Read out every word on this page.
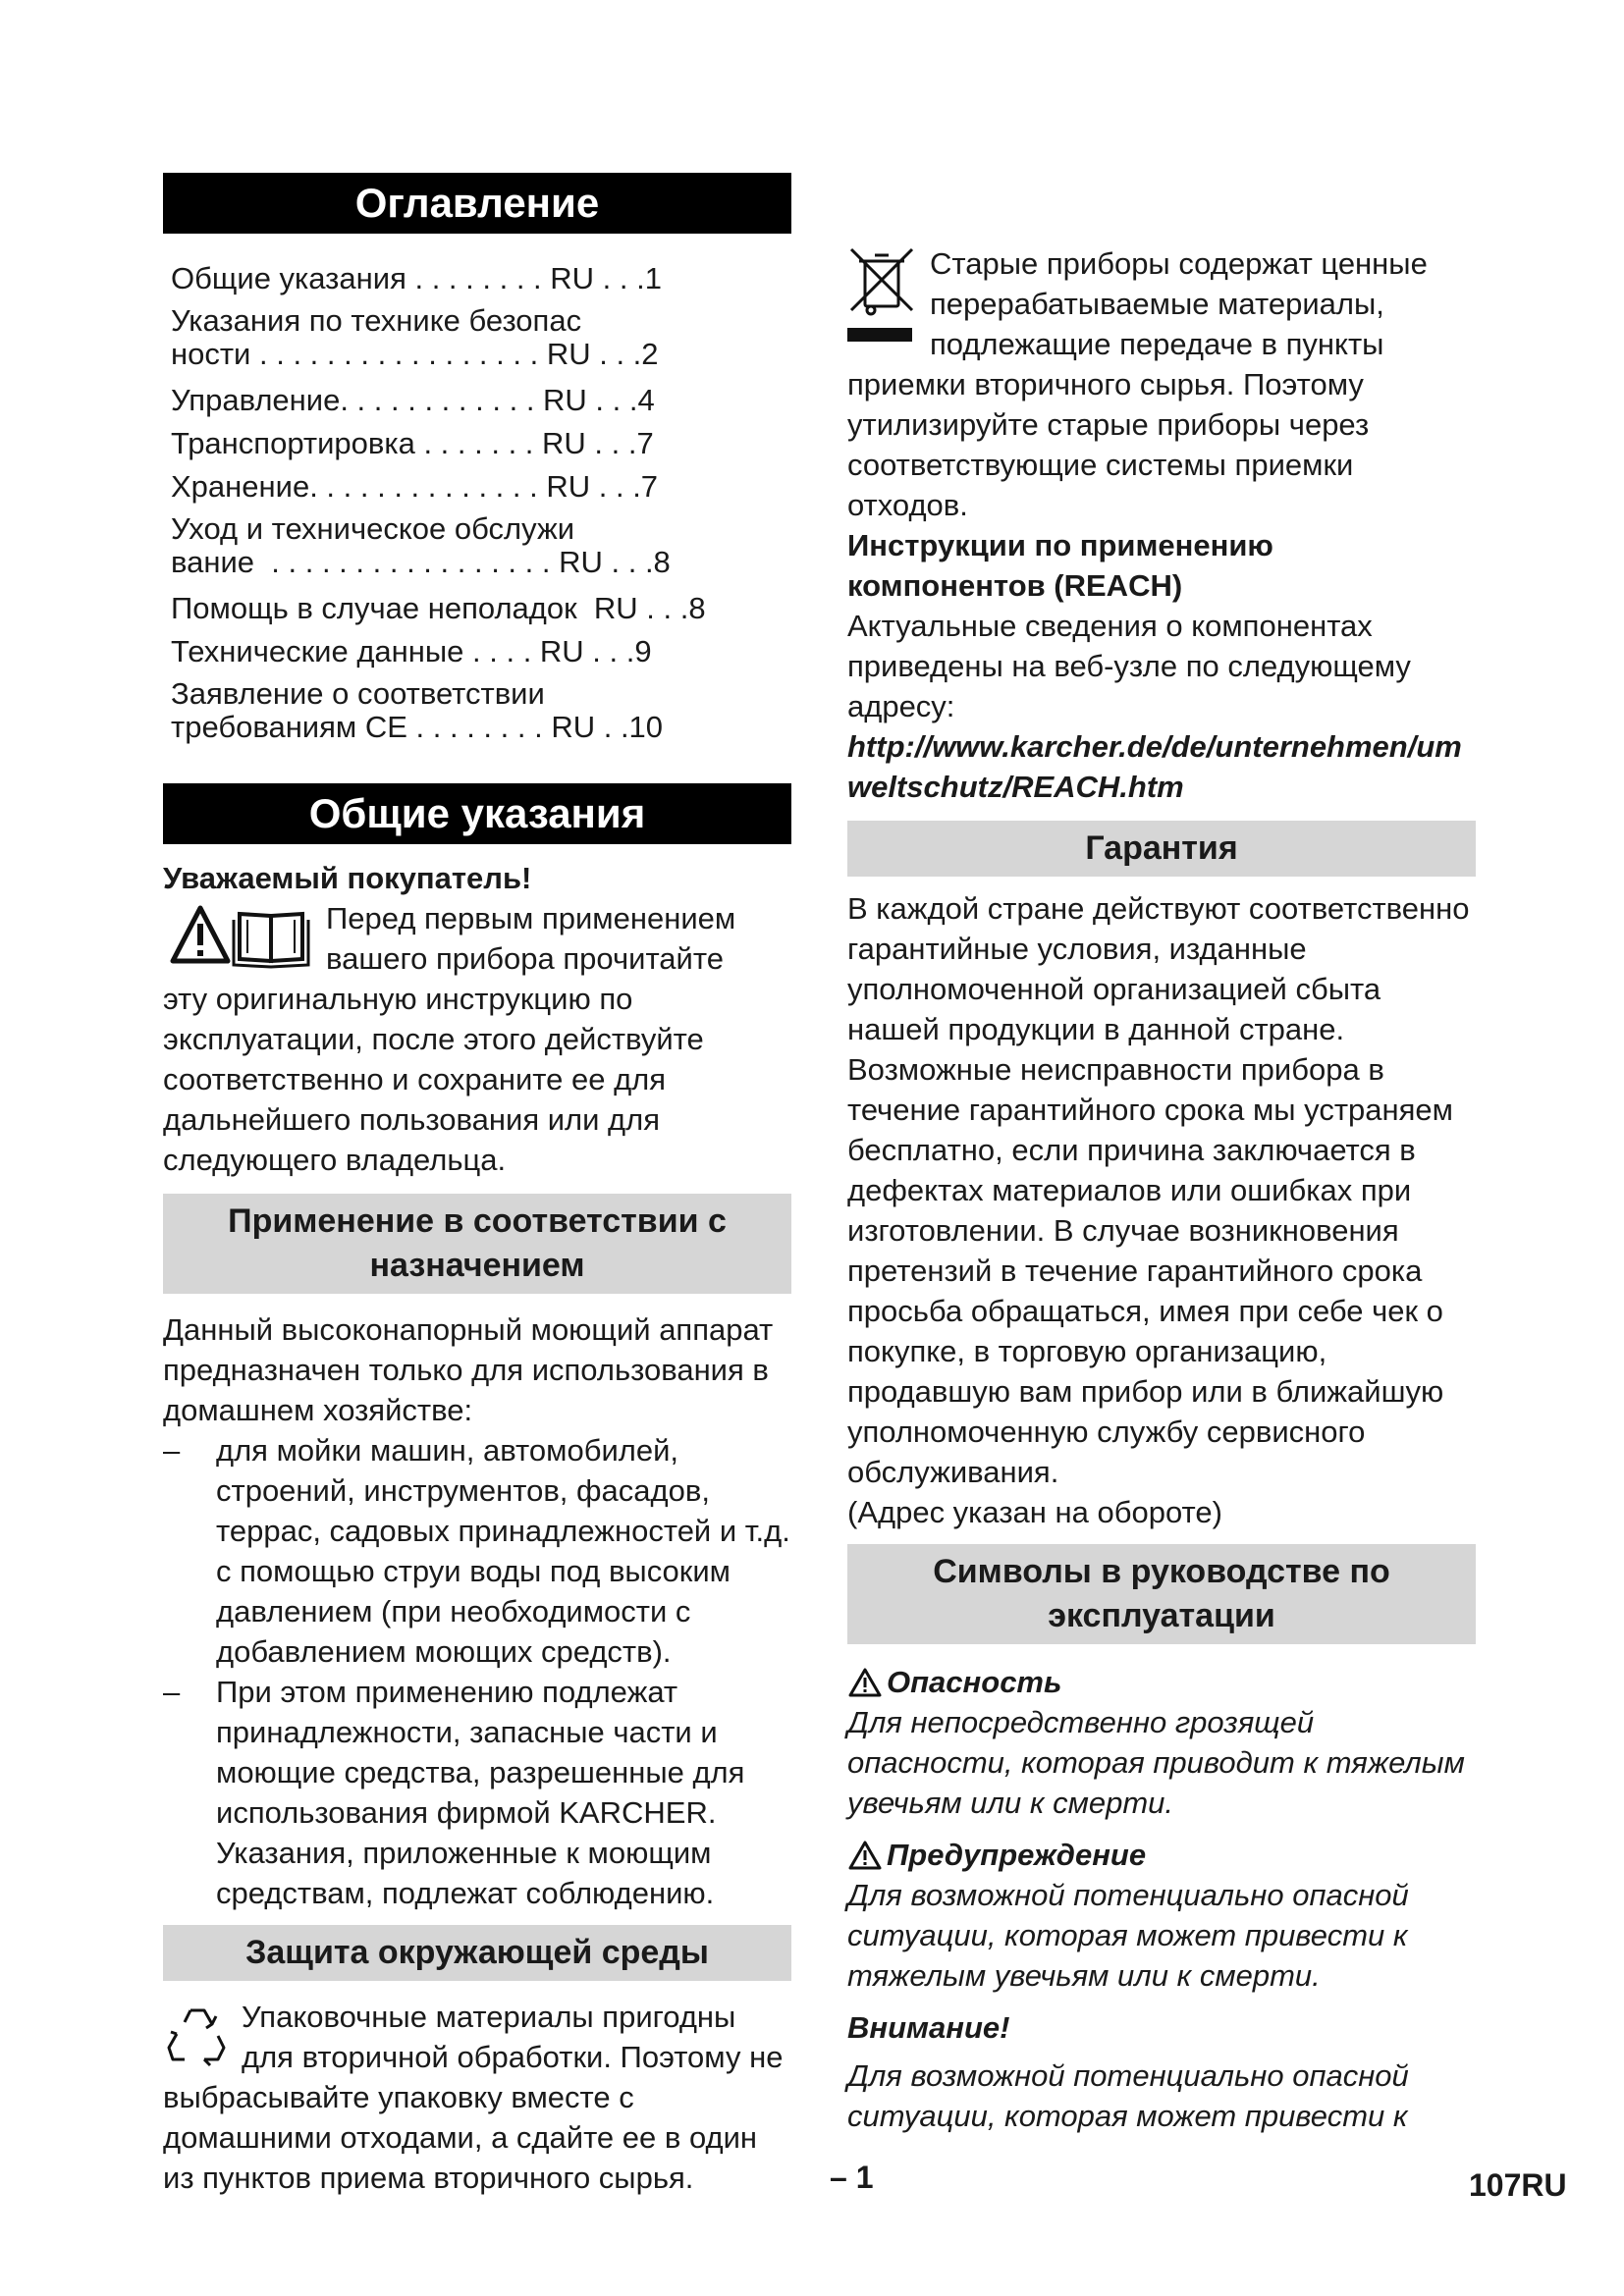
Оглавление
Общие указания . . . . . . . . RU . . .1
Указания по технике безопас
ности . . . . . . . . . . . . . . . . . RU . . .2
Управление. . . . . . . . . . . . RU . . .4
Транспортировка . . . . . . . RU . . .7
Хранение. . . . . . . . . . . . . . RU . . .7
Уход и техническое обслужи
вание  . . . . . . . . . . . . . . . . . RU . . .8
Помощь в случае неполадок RU . . .8
Технические данные . . . . RU . . .9
Заявление о соответствии
требованиям CE . . . . . . . . RU . .10
Общие указания

Уважаемый покупатель!

Перед первым применением

вашего прибора прочитайте

эту оригинальную инструкцию по эксплуатации, после этого действуйте соответственно и сохраните ее для дальнейшего пользования или для следующего владельца.

Применение в соответствии с назначением

Данный высоконапорный моющий аппарат предназначен только для использования в домашнем хозяйстве:

–	для мойки машин, автомобилей, строений, инструментов, фасадов, террас, садовых принадлежностей и т.д. с помощью струи воды под высоким давлением (при необходимости с добавлением моющих средств).
–	При этом применению подлежат принадлежности, запасные части и моющие средства, разрешенные для использования фирмой KARCHER. Указания, приложенные к моющим средствам, подлежат соблюдению.
Защита окружающей среды

Упаковочные материалы пригодны для вторичной обработки. Поэтому не выбрасывайте упаковку вместе с домашними отходами, а сдайте ее в один из пунктов приема вторичного сырья.

Старые приборы содержат ценные перерабатываемые материалы, подлежащие передаче в пункты приемки вторичного сырья. Поэтому утилизируйте старые приборы через соответствующие системы приемки отходов.

Инструкции по применению компонентов (REACH)

Актуальные сведения о компонентах приведены на веб-узле по следующему адресу:

http://www.karcher.de/de/unternehmen/umweltschutz/REACH.htm

Гарантия

В каждой стране действуют соответственно гарантийные условия, изданные уполномоченной организацией сбыта нашей продукции в данной стране. Возможные неисправности прибора в течение гарантийного срока мы устраняем бесплатно, если причина заключается в дефектах материалов или ошибках при изготовлении. В случае возникновения претензий в течение гарантийного срока просьба обращаться, имея при себе чек о покупке, в торговую организацию, продавшую вам прибор или в ближайшую уполномоченную службу сервисного обслуживания.

(Адрес указан на обороте)

Символы в руководстве по эксплуатации
Опасность

Для непосредственно грозящей опасности, которая приводит к тяжелым увечьям или к смерти.

Предупреждение

Для возможной потенциально опасной ситуации, которая может привести к тяжелым увечьям или к смерти.

Внимание!

Для возможной потенциально опасной ситуации, которая может привести к

– 1	107RU
